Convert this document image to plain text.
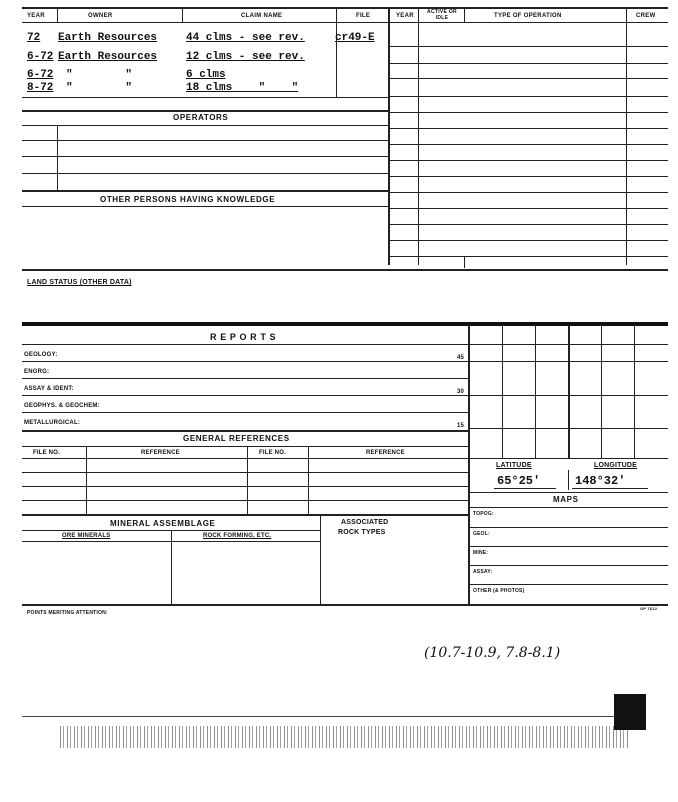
YEAR	OWNER	CLAIM NAME	FILE	YEAR
ACTIVE OR IDLE	TYPE OF OPERATION	CREW
72 Earth Resources	44 clms - see rev.	cr49-E
6-72 Earth Resources	12 clms - see rev.
6-72 "        "	6 clms
8-72 "        "	18 clms    "    "
OPERATORS
OTHER PERSONS HAVING KNOWLEDGE
LAND STATUS (OTHER DATA)
R E P O R T S
GEOLOGY:
ENGRG:
ASSAY & IDENT:
GEOPHYS. & GEOCHEM:
METALLURGICAL:
45
30
15
LATITUDE	LONGITUDE
65°25'	148°32'
MAPS
TOPOG:
GEOL:
MINE:
ASSAY:
OTHER (& PHOTOS)
GENERAL REFERENCES
FILE NO.	REFERENCE	FILE NO.	REFERENCE
MINERAL ASSEMBLAGE	ASSOCIATED
ROCK TYPES
ORE MINERALS	ROCK FORMING, ETC.
POINTS MERITING ATTENTION:
GP 7612
(10.7-10.9, 7.8-8.1)
